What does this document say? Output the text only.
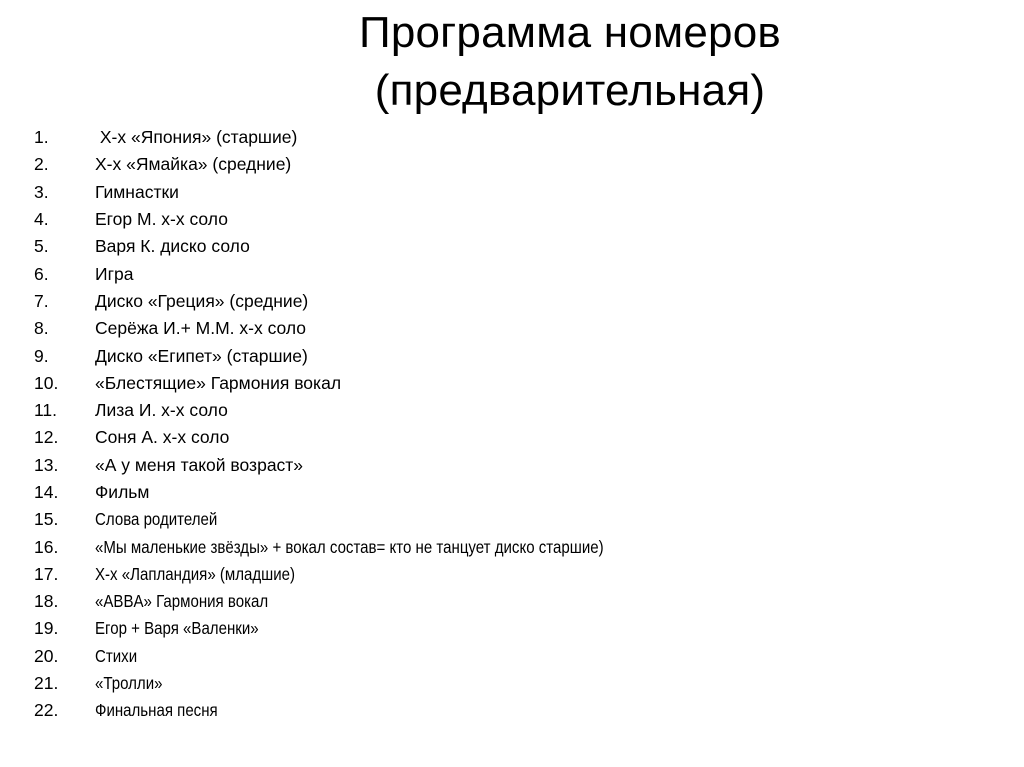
Программа номеров
(предварительная)
1.	Х-х «Япония» (старшие)
2.	Х-х «Ямайка» (средние)
3.	Гимнастки
4.	Егор М. х-х соло
5.	Варя К. диско соло
6.	Игра
7.	Диско «Греция» (средние)
8.	Серёжа И.+ М.М. х-х соло
9.	Диско «Египет» (старшие)
10.	«Блестящие» Гармония вокал
11.	Лиза И. х-х соло
12.	Соня А. х-х соло
13.	«А у меня такой возраст»
14.	Фильм
15.	Слова родителей
16.	«Мы маленькие звёзды» + вокал состав= кто не танцует диско старшие)
17.	Х-х «Лапландия» (младшие)
18.	«ABBA» Гармония вокал
19.	Егор + Варя «Валенки»
20.	Стихи
21.	«Тролли»
22.	Финальная песня
